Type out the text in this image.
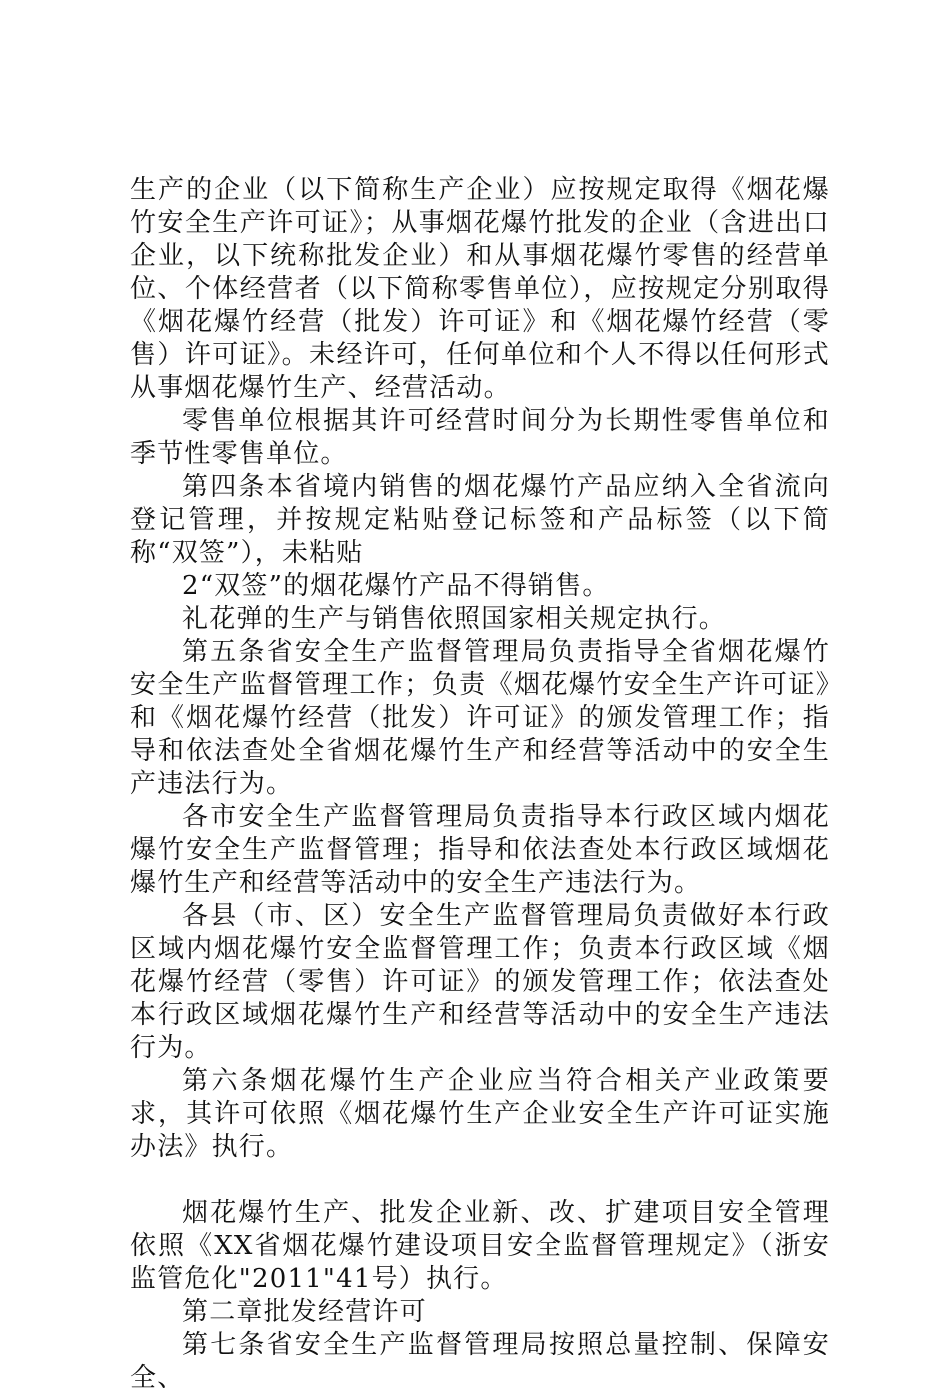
生产的企业（以下简称生产企业）应按规定取得《烟花爆竹安全生产许可证》；从事烟花爆竹批发的企业（含进出口企业，以下统称批发企业）和从事烟花爆竹零售的经营单位、个体经营者（以下简称零售单位），应按规定分别取得《烟花爆竹经营（批发）许可证》和《烟花爆竹经营（零售）许可证》。未经许可，任何单位和个人不得以任何形式从事烟花爆竹生产、经营活动。

零售单位根据其许可经营时间分为长期性零售单位和季节性零售单位。

第四条本省境内销售的烟花爆竹产品应纳入全省流向登记管理，并按规定粘贴登记标签和产品标签（以下简称“双签”），未粘贴

2“双签”的烟花爆竹产品不得销售。

礼花弹的生产与销售依照国家相关规定执行。

第五条省安全生产监督管理局负责指导全省烟花爆竹安全生产监督管理工作；负责《烟花爆竹安全生产许可证》和《烟花爆竹经营（批发）许可证》的颁发管理工作；指导和依法查处全省烟花爆竹生产和经营等活动中的安全生产违法行为。

各市安全生产监督管理局负责指导本行政区域内烟花爆竹安全生产监督管理；指导和依法查处本行政区域烟花爆竹生产和经营等活动中的安全生产违法行为。

各县（市、区）安全生产监督管理局负责做好本行政区域内烟花爆竹安全监督管理工作；负责本行政区域《烟花爆竹经营（零售）许可证》的颁发管理工作；依法查处本行政区域烟花爆竹生产和经营等活动中的安全生产违法行为。

第六条烟花爆竹生产企业应当符合相关产业政策要求，其许可依照《烟花爆竹生产企业安全生产许可证实施办法》执行。

烟花爆竹生产、批发企业新、改、扩建项目安全管理依照《XX省烟花爆竹建设项目安全监督管理规定》（浙安监管危化"2011"41号）执行。

第二章批发经营许可

第七条省安全生产监督管理局按照总量控制、保障安全、
